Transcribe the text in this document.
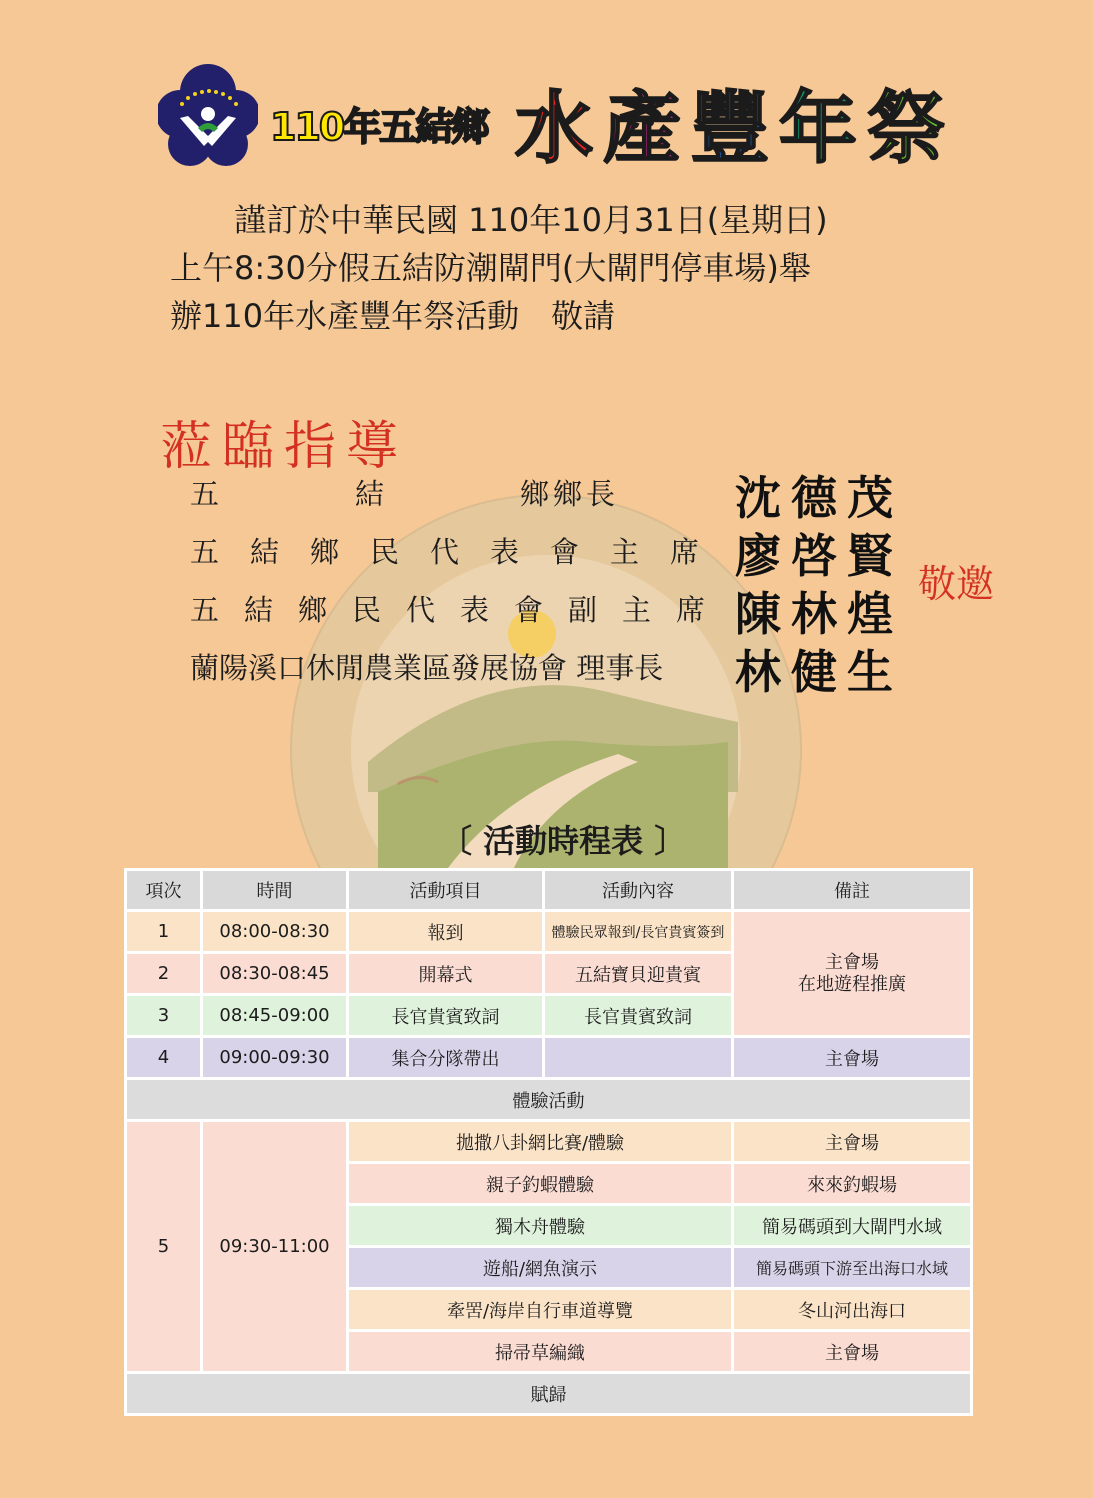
110年五結鄉 水產豐年祭
　　謹訂於中華民國 110年10月31日(星期日)
上午8:30分假五結防潮閘門(大閘門停車場)舉
辦110年水產豐年祭活動　敬請
蒞臨指導
五　　　　結　　　　鄉鄉長	沈德茂
五結鄉民代表會主席 廖啓賢
五結鄉民代表會副主席 陳林煌
蘭陽溪口休閒農業區發展協會 理事長	林健生
敬邀
〔 活動時程表 〕
項次	時間	活動項目	活動內容	備註
1	08:00-08:30	報到	體驗民眾報到/長官貴賓簽到	主會場
在地遊程推廣
2	08:30-08:45	開幕式	五結寶貝迎貴賓	
3	08:45-09:00	長官貴賓致詞	長官貴賓致詞	
4	09:00-09:30	集合分隊帶出		主會場
體驗活動				
5	09:30-11:00	拋撒八卦網比賽/體驗		主會場
		親子釣蝦體驗		來來釣蝦場
		獨木舟體驗		簡易碼頭到大閘門水域
		遊船/網魚演示		簡易碼頭下游至出海口水域
		牽罟/海岸自行車道導覽		冬山河出海口
		掃帚草編織		主會場
賦歸				
